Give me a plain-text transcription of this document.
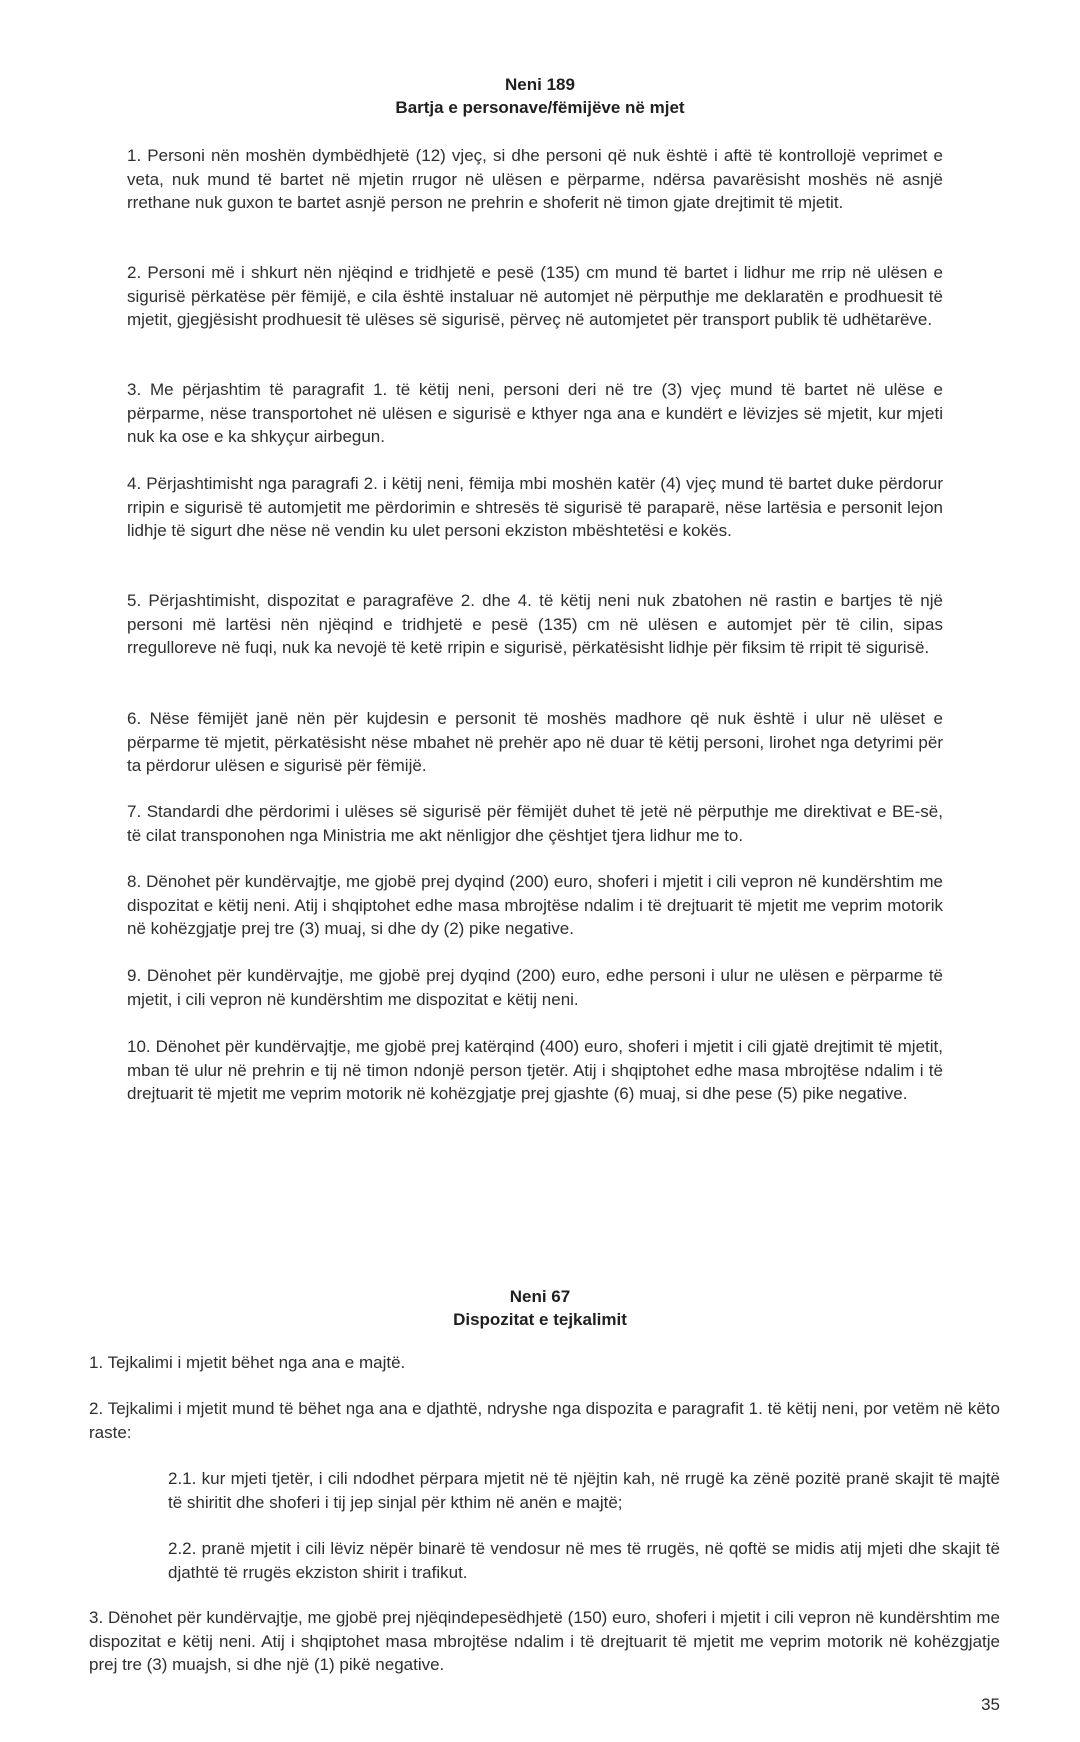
Neni 189
Bartja e personave/fëmijëve në mjet
1. Personi nën moshën dymbëdhjetë (12) vjeç, si dhe personi që nuk është i aftë të kontrollojë veprimet e veta, nuk mund të bartet në mjetin rrugor në ulësen e përparme, ndërsa pavarësisht moshës në asnjë rrethane nuk guxon te bartet asnjë person ne prehrin e shoferit në timon gjate drejtimit të mjetit.
2. Personi më i shkurt nën njëqind e tridhjetë e pesë (135) cm mund të bartet i lidhur me rrip në ulësen e sigurisë përkatëse për fëmijë, e cila është instaluar në automjet në përputhje me deklaratën e prodhuesit të mjetit, gjegjësisht prodhuesit të ulëses së sigurisë, përveç në automjetet për transport publik të udhëtarëve.
3. Me përjashtim të paragrafit 1. të këtij neni, personi deri në tre (3) vjeç mund të bartet në ulëse e përparme, nëse transportohet në ulësen e sigurisë e kthyer nga ana e kundërt e lëvizjes së mjetit, kur mjeti nuk ka ose e ka shkyçur airbegun.
4. Përjashtimisht nga paragrafi 2. i këtij neni, fëmija mbi moshën katër (4) vjeç mund të bartet duke përdorur rripin e sigurisë të automjetit me përdorimin e shtresës të sigurisë të paraparë, nëse lartësia e personit lejon lidhje të sigurt dhe nëse në vendin ku ulet personi ekziston mbështetësi e kokës.
5. Përjashtimisht, dispozitat e paragrafëve 2. dhe 4. të këtij neni nuk zbatohen në rastin e bartjes të një personi më lartësi nën njëqind e tridhjetë e pesë (135) cm në ulësen e automjet për të cilin, sipas rregulloreve në fuqi, nuk ka nevojë të ketë rripin e sigurisë, përkatësisht lidhje për fiksim të rripit të sigurisë.
6. Nëse fëmijët janë nën për kujdesin e personit të moshës madhore që nuk është i ulur në ulëset e përparme të mjetit, përkatësisht nëse mbahet në prehër apo në duar të këtij personi, lirohet nga detyrimi për ta përdorur ulësen e sigurisë për fëmijë.
7. Standardi dhe përdorimi i ulëses së sigurisë për fëmijët duhet të jetë në përputhje me direktivat e BE-së, të cilat transponohen nga Ministria me akt nënligjor dhe çështjet tjera lidhur me to.
8. Dënohet për kundërvajtje, me gjobë prej dyqind (200) euro, shoferi i mjetit i cili vepron në kundërshtim me dispozitat e këtij neni. Atij i shqiptohet edhe masa mbrojtëse ndalim i të drejtuarit të mjetit me veprim motorik në kohëzgjatje prej tre (3) muaj, si dhe dy (2) pike negative.
9. Dënohet për kundërvajtje, me gjobë prej dyqind (200) euro, edhe personi i ulur ne ulësen e përparme të mjetit, i cili vepron në kundërshtim me dispozitat e këtij neni.
10. Dënohet për kundërvajtje, me gjobë prej katërqind (400) euro, shoferi i mjetit i cili gjatë drejtimit të mjetit, mban të ulur në prehrin e tij në timon ndonjë person tjetër. Atij i shqiptohet edhe masa mbrojtëse ndalim i të drejtuarit të mjetit me veprim motorik në kohëzgjatje prej gjashte (6) muaj, si dhe pese (5) pike negative.
Neni 67
Dispozitat e tejkalimit
1. Tejkalimi i mjetit bëhet nga ana e majtë.
2. Tejkalimi i mjetit mund të bëhet nga ana e djathtë, ndryshe nga dispozita e paragrafit 1. të këtij neni, por vetëm në këto raste:
2.1. kur mjeti tjetër, i cili ndodhet përpara mjetit në të njëjtin kah, në rrugë ka zënë pozitë pranë skajit të majtë të shiritit dhe shoferi i tij jep sinjal për kthim në anën e majtë;
2.2. pranë mjetit i cili lëviz nëpër binarë të vendosur në mes të rrugës, në qoftë se midis atij mjeti dhe skajit të djathtë të rrugës ekziston shirit i trafikut.
3. Dënohet për kundërvajtje, me gjobë prej njëqindepesëdhjetë (150) euro, shoferi i mjetit i cili vepron në kundërshtim me dispozitat e këtij neni. Atij i shqiptohet masa mbrojtëse ndalim i të drejtuarit të mjetit me veprim motorik në kohëzgjatje prej tre (3) muajsh, si dhe një (1) pikë negative.
35
